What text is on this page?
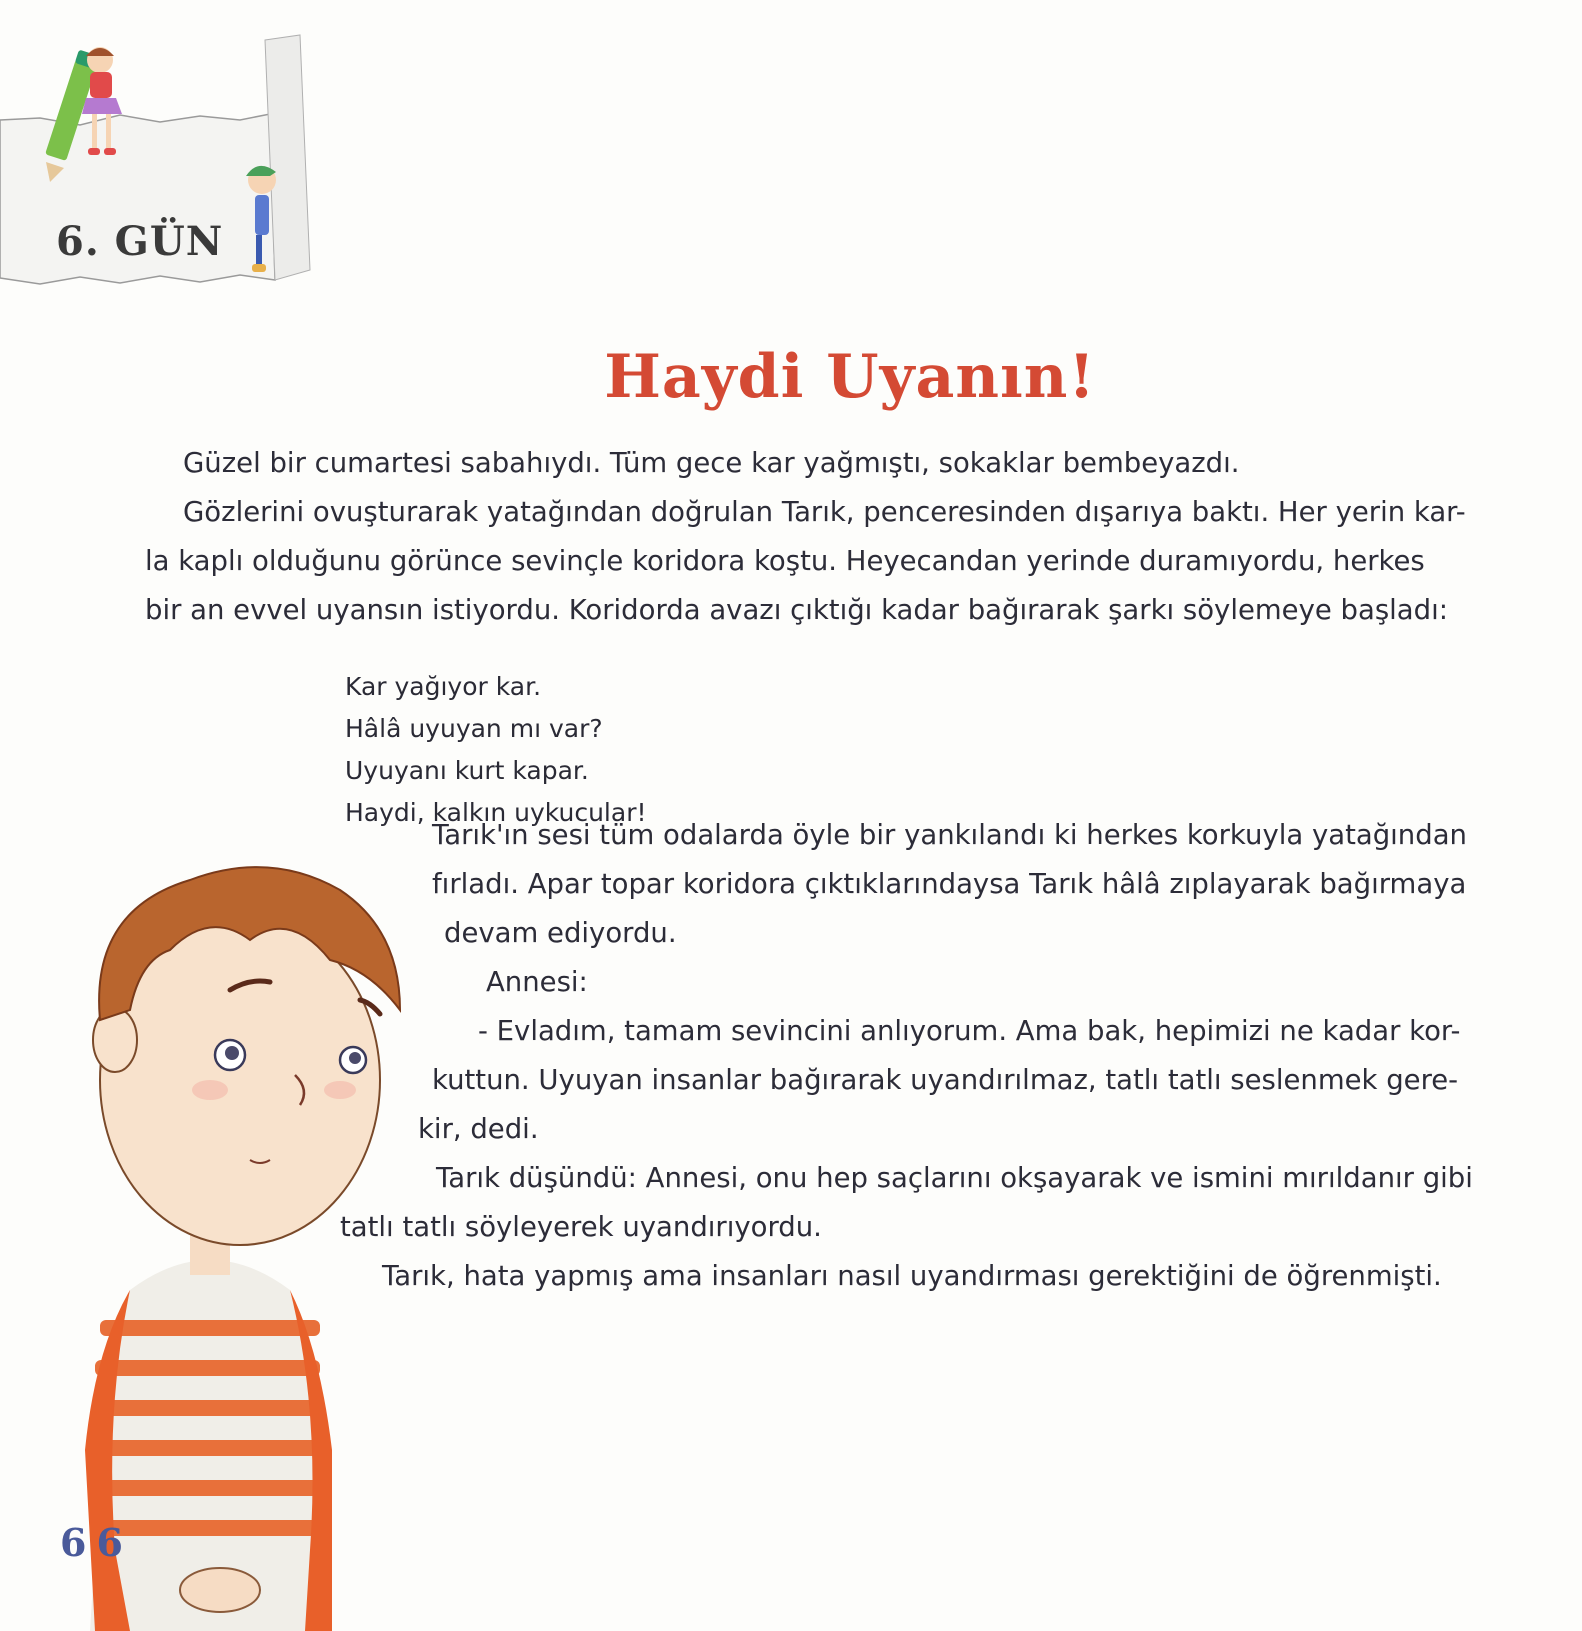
6. GÜN
Haydi Uyanın!
Güzel bir cumartesi sabahıydı. Tüm gece kar yağmıştı, sokaklar bembeyazdı.
Gözlerini ovuşturarak yatağından doğrulan Tarık, penceresinden dışarıya baktı. Her yerin kar-
la kaplı olduğunu görünce sevinçle koridora koştu. Heyecandan yerinde duramıyordu, herkes
bir an evvel uyansın istiyordu. Koridorda avazı çıktığı kadar bağırarak şarkı söylemeye başladı:
Kar yağıyor kar.
Hâlâ uyuyan mı var?
Uyuyanı kurt kapar.
Haydi, kalkın uykucular!
Tarık'ın sesi tüm odalarda öyle bir yankılandı ki herkes korkuyla yatağından
fırladı. Apar topar koridora çıktıklarındaysa Tarık hâlâ zıplayarak bağırmaya
devam ediyordu.
Annesi:
- Evladım, tamam sevincini anlıyorum. Ama bak, hepimizi ne kadar kor-
kuttun. Uyuyan insanlar bağırarak uyandırılmaz, tatlı tatlı seslenmek gere-
kir, dedi.
Tarık düşündü: Annesi, onu hep saçlarını okşayarak ve ismini mırıldanır gibi
tatlı tatlı söyleyerek uyandırıyordu.
Tarık, hata yapmış ama insanları nasıl uyandırması gerektiğini de öğrenmişti.
66
